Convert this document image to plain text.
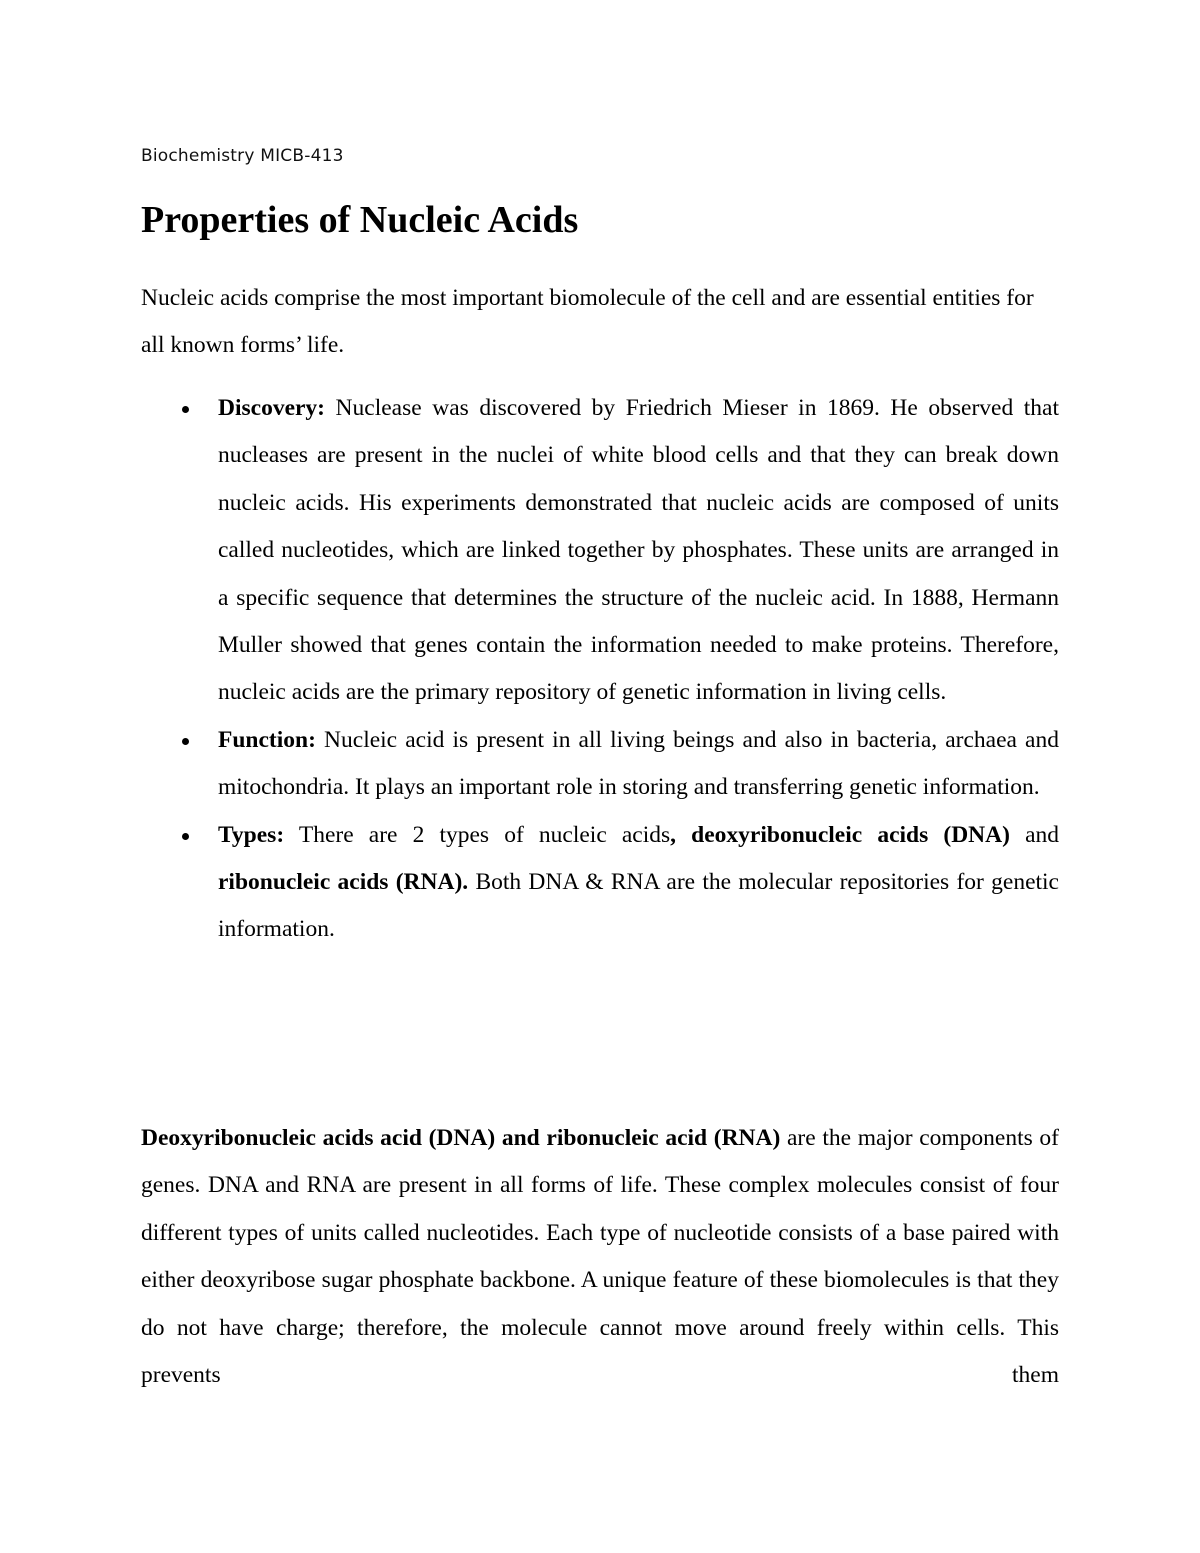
Biochemistry MICB-413

Properties of Nucleic Acids

Nucleic acids comprise the most important biomolecule of the cell and are essential entities for all known forms’ life.

Discovery: Nuclease was discovered by Friedrich Mieser in 1869. He observed that nucleases are present in the nuclei of white blood cells and that they can break down nucleic acids. His experiments demonstrated that nucleic acids are composed of units called nucleotides, which are linked together by phosphates. These units are arranged in a specific sequence that determines the structure of the nucleic acid. In 1888, Hermann Muller showed that genes contain the information needed to make proteins. Therefore, nucleic acids are the primary repository of genetic information in living cells.
Function: Nucleic acid is present in all living beings and also in bacteria, archaea and mitochondria. It plays an important role in storing and transferring genetic information.
Types: There are 2 types of nucleic acids, deoxyribonucleic acids (DNA) and ribonucleic acids (RNA). Both DNA & RNA are the molecular repositories for genetic information.

Deoxyribonucleic acids acid (DNA) and ribonucleic acid (RNA) are the major components of genes. DNA and RNA are present in all forms of life. These complex molecules consist of four different types of units called nucleotides. Each type of nucleotide consists of a base paired with either deoxyribose sugar phosphate backbone. A unique feature of these biomolecules is that they do not have charge; therefore, the molecule cannot move around freely within cells. This prevents them
